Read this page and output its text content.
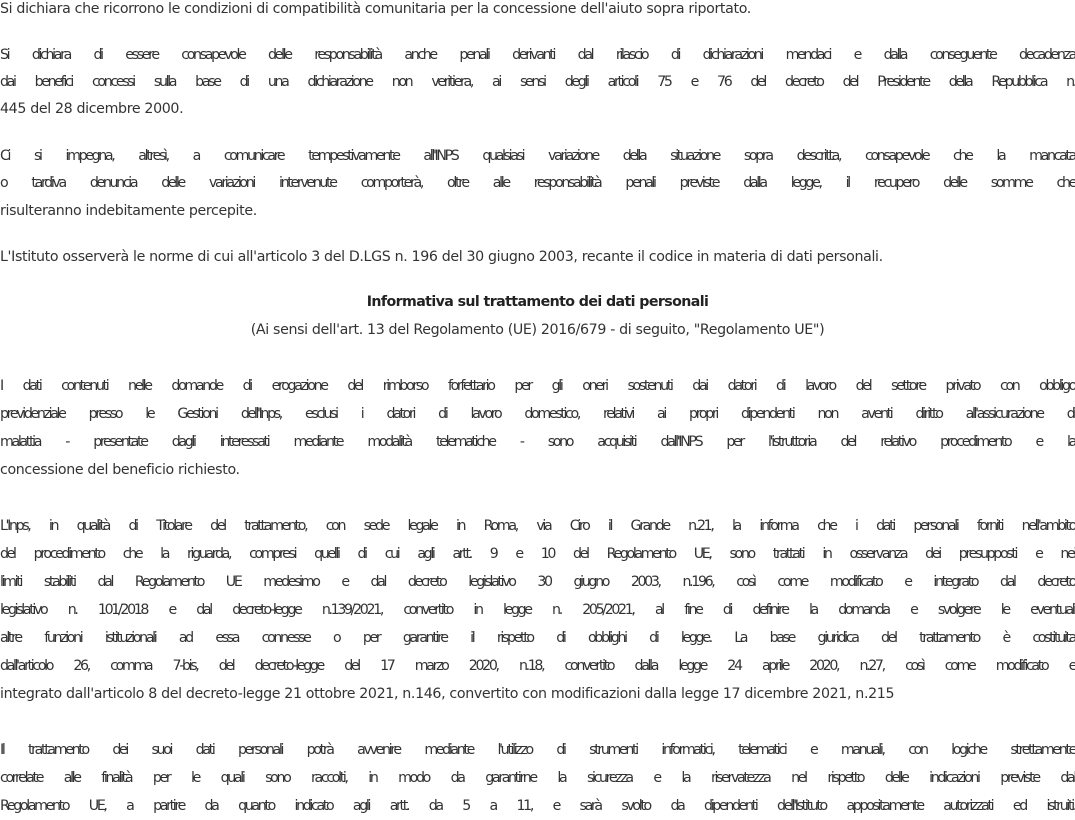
Si dichiara che ricorrono le condizioni di compatibilità comunitaria per la concessione dell'aiuto sopra riportato.
Si dichiara di essere consapevole delle responsabilità anche penali derivanti dal rilascio di dichiarazioni mendaci e dalla conseguente decadenza
dai benefici concessi sulla base di una dichiarazione non veritiera, ai sensi degli articoli 75 e 76 del decreto del Presidente della Repubblica n.
445 del 28 dicembre 2000.
Ci si impegna, altresì, a comunicare tempestivamente all'INPS qualsiasi variazione della situazione sopra descritta, consapevole che la mancata
o tardiva denuncia delle variazioni intervenute comporterà, oltre alle responsabilità penali previste dalla legge, il recupero delle somme che
risulteranno indebitamente percepite.
L'Istituto osserverà le norme di cui all'articolo 3 del D.LGS n. 196 del 30 giugno 2003, recante il codice in materia di dati personali.
Informativa sul trattamento dei dati personali
(Ai sensi dell'art. 13 del Regolamento (UE) 2016/679 - di seguito, "Regolamento UE")
I dati contenuti nelle domande di erogazione del rimborso forfettario per gli oneri sostenuti dai datori di lavoro del settore privato con obbligo
previdenziale presso le Gestioni dell'Inps, esclusi i datori di lavoro domestico, relativi ai propri dipendenti non aventi diritto all'assicurazione di
malattia - presentate dagli interessati mediante modalità telematiche - sono acquisiti dall'INPS per l'istruttoria del relativo procedimento e la
concessione del beneficio richiesto.
L'Inps, in qualità di Titolare del trattamento, con sede legale in Roma, via Ciro il Grande n.21, la informa che i dati personali forniti nell'ambito
del procedimento che la riguarda, compresi quelli di cui agli artt. 9 e 10 del Regolamento UE, sono trattati in osservanza dei presupposti e nei
limiti stabiliti dal Regolamento UE medesimo e dal decreto legislativo 30 giugno 2003, n.196, così come modificato e integrato dal decreto
legislativo n. 101/2018 e dal decreto-legge n.139/2021, convertito in legge n. 205/2021, al fine di definire la domanda e svolgere le eventuali
altre funzioni istituzionali ad essa connesse o per garantire il rispetto di obblighi di legge. La base giuridica del trattamento è costituita
dall'articolo 26, comma 7-bis, del decreto-legge del 17 marzo 2020, n.18, convertito dalla legge 24 aprile 2020, n.27, così come modificato e
integrato dall'articolo 8 del decreto-legge 21 ottobre 2021, n.146, convertito con modificazioni dalla legge 17 dicembre 2021, n.215
Il trattamento dei suoi dati personali potrà avvenire mediante l'utilizzo di strumenti informatici, telematici e manuali, con logiche strettamente
correlate alle finalità per le quali sono raccolti, in modo da garantirne la sicurezza e la riservatezza nel rispetto delle indicazioni previste dal
Regolamento UE, a partire da quanto indicato agli artt. da 5 a 11, e sarà svolto da dipendenti dell'Istituto appositamente autorizzati ed istruiti.
